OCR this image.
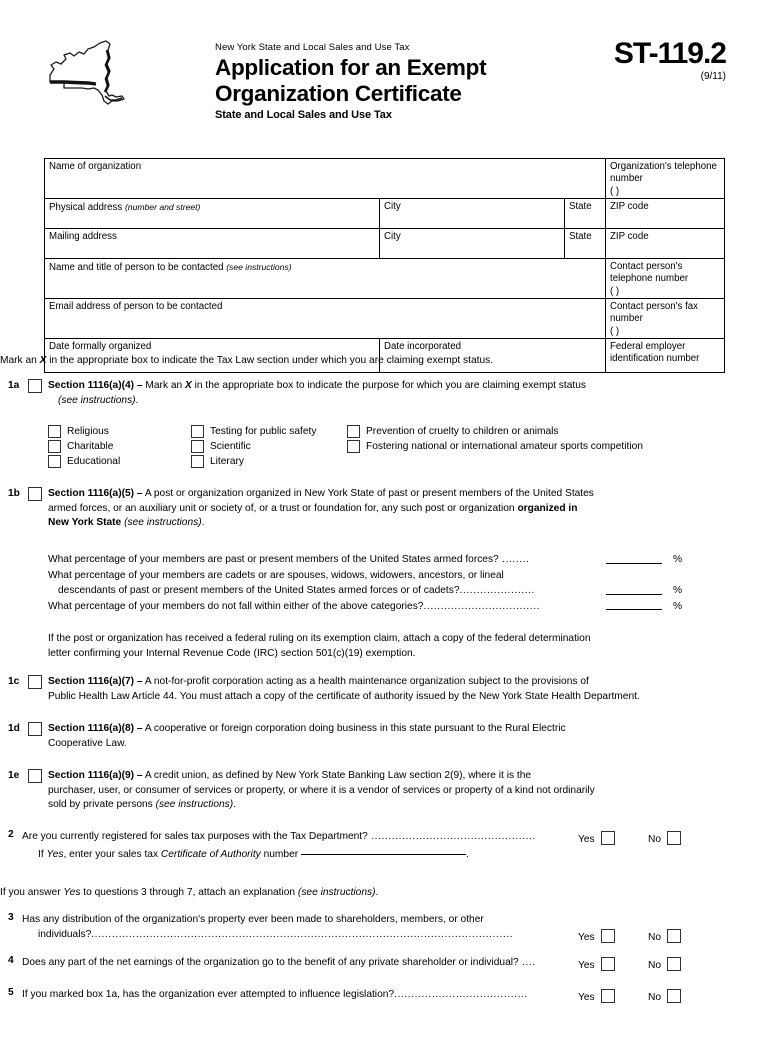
New York State and Local Sales and Use Tax
Application for an Exempt
Organization Certificate
State and Local Sales and Use Tax
ST-119.2
(9/11)
Name of organization			Organization's telephone number
( )

Physical address (number and street)	City	State	ZIP code
Mailing address	City	State	ZIP code
Name and title of person to be contacted (see instructions)			Contact person's telephone number
( )

Email address of person to be contacted			Contact person's fax number
( )

Date formally organized	Date incorporated		Federal employer identification number
Mark an X in the appropriate box to indicate the Tax Law section under which you are claiming exempt status.
1a	Section 1116(a)(4) – Mark an X in the appropriate box to indicate the purpose for which you are claiming exempt status
(see instructions).
Religious
Charitable
Educational
Testing for public safety
Scientific
Literary
Prevention of cruelty to children or animals
Fostering national or international amateur sports competition
1b	Section 1116(a)(5) – A post or organization organized in New York State of past or present members of the United States
armed forces, or an auxiliary unit or society of, or a trust or foundation for, any such post or organization organized in
New York State (see instructions).
What percentage of your members are past or present members of the United States armed forces? ........	%
What percentage of your members are cadets or are spouses, widows, widowers, ancestors, or lineal
descendants of past or present members of the United States armed forces or of cadets?......................	%
What percentage of your members do not fall within either of the above categories?..................................	%
If the post or organization has received a federal ruling on its exemption claim, attach a copy of the federal determination
letter confirming your Internal Revenue Code (IRC) section 501(c)(19) exemption.
1c	Section 1116(a)(7) – A not-for-profit corporation acting as a health maintenance organization subject to the provisions of
Public Health Law Article 44. You must attach a copy of the certificate of authority issued by the New York State Health Department.
1d	Section 1116(a)(8) – A cooperative or foreign corporation doing business in this state pursuant to the Rural Electric
Cooperative Law.
1e	Section 1116(a)(9) – A credit union, as defined by New York State Banking Law section 2(9), where it is the
purchaser, user, or consumer of services or property, or where it is a vendor of services or property of a kind not ordinarily
sold by private persons (see instructions).
2 Are you currently registered for sales tax purposes with the Tax Department? ................................................	Yes	No
If Yes, enter your sales tax Certificate of Authority number	.
If you answer Yes to questions 3 through 7, attach an explanation (see instructions).
3 Has any distribution of the organization's property ever been made to shareholders, members, or other
individuals?...........................................................................................................................	Yes	No
4 Does any part of the net earnings of the organization go to the benefit of any private shareholder or individual? ....	Yes	No
5 If you marked box 1a, has the organization ever attempted to influence legislation?.......................................	Yes	No
